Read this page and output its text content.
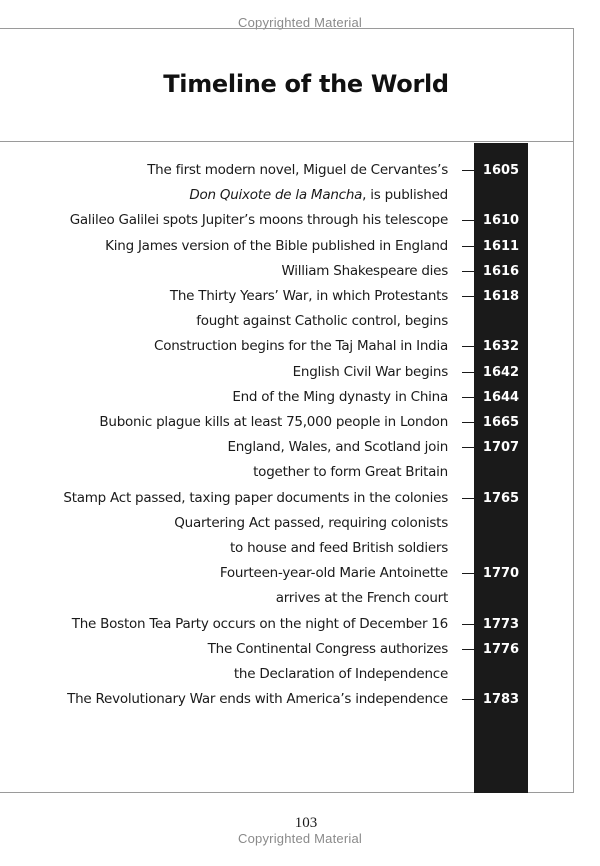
Copyrighted Material
Timeline of the World
The first modern novel, Miguel de Cervantes’s	1605
Don Quixote de la Mancha, is published
Galileo Galilei spots Jupiter’s moons through his telescope	1610
King James version of the Bible published in England	1611
William Shakespeare dies	1616
The Thirty Years’ War, in which Protestants	1618
fought against Catholic control, begins
Construction begins for the Taj Mahal in India	1632
English Civil War begins	1642
End of the Ming dynasty in China	1644
Bubonic plague kills at least 75,000 people in London	1665
England, Wales, and Scotland join	1707
together to form Great Britain
Stamp Act passed, taxing paper documents in the colonies	1765
Quartering Act passed, requiring colonists
to house and feed British soldiers
Fourteen-year-old Marie Antoinette	1770
arrives at the French court
The Boston Tea Party occurs on the night of December 16	1773
The Continental Congress authorizes	1776
the Declaration of Independence
The Revolutionary War ends with America’s independence	1783
103
Copyrighted Material
